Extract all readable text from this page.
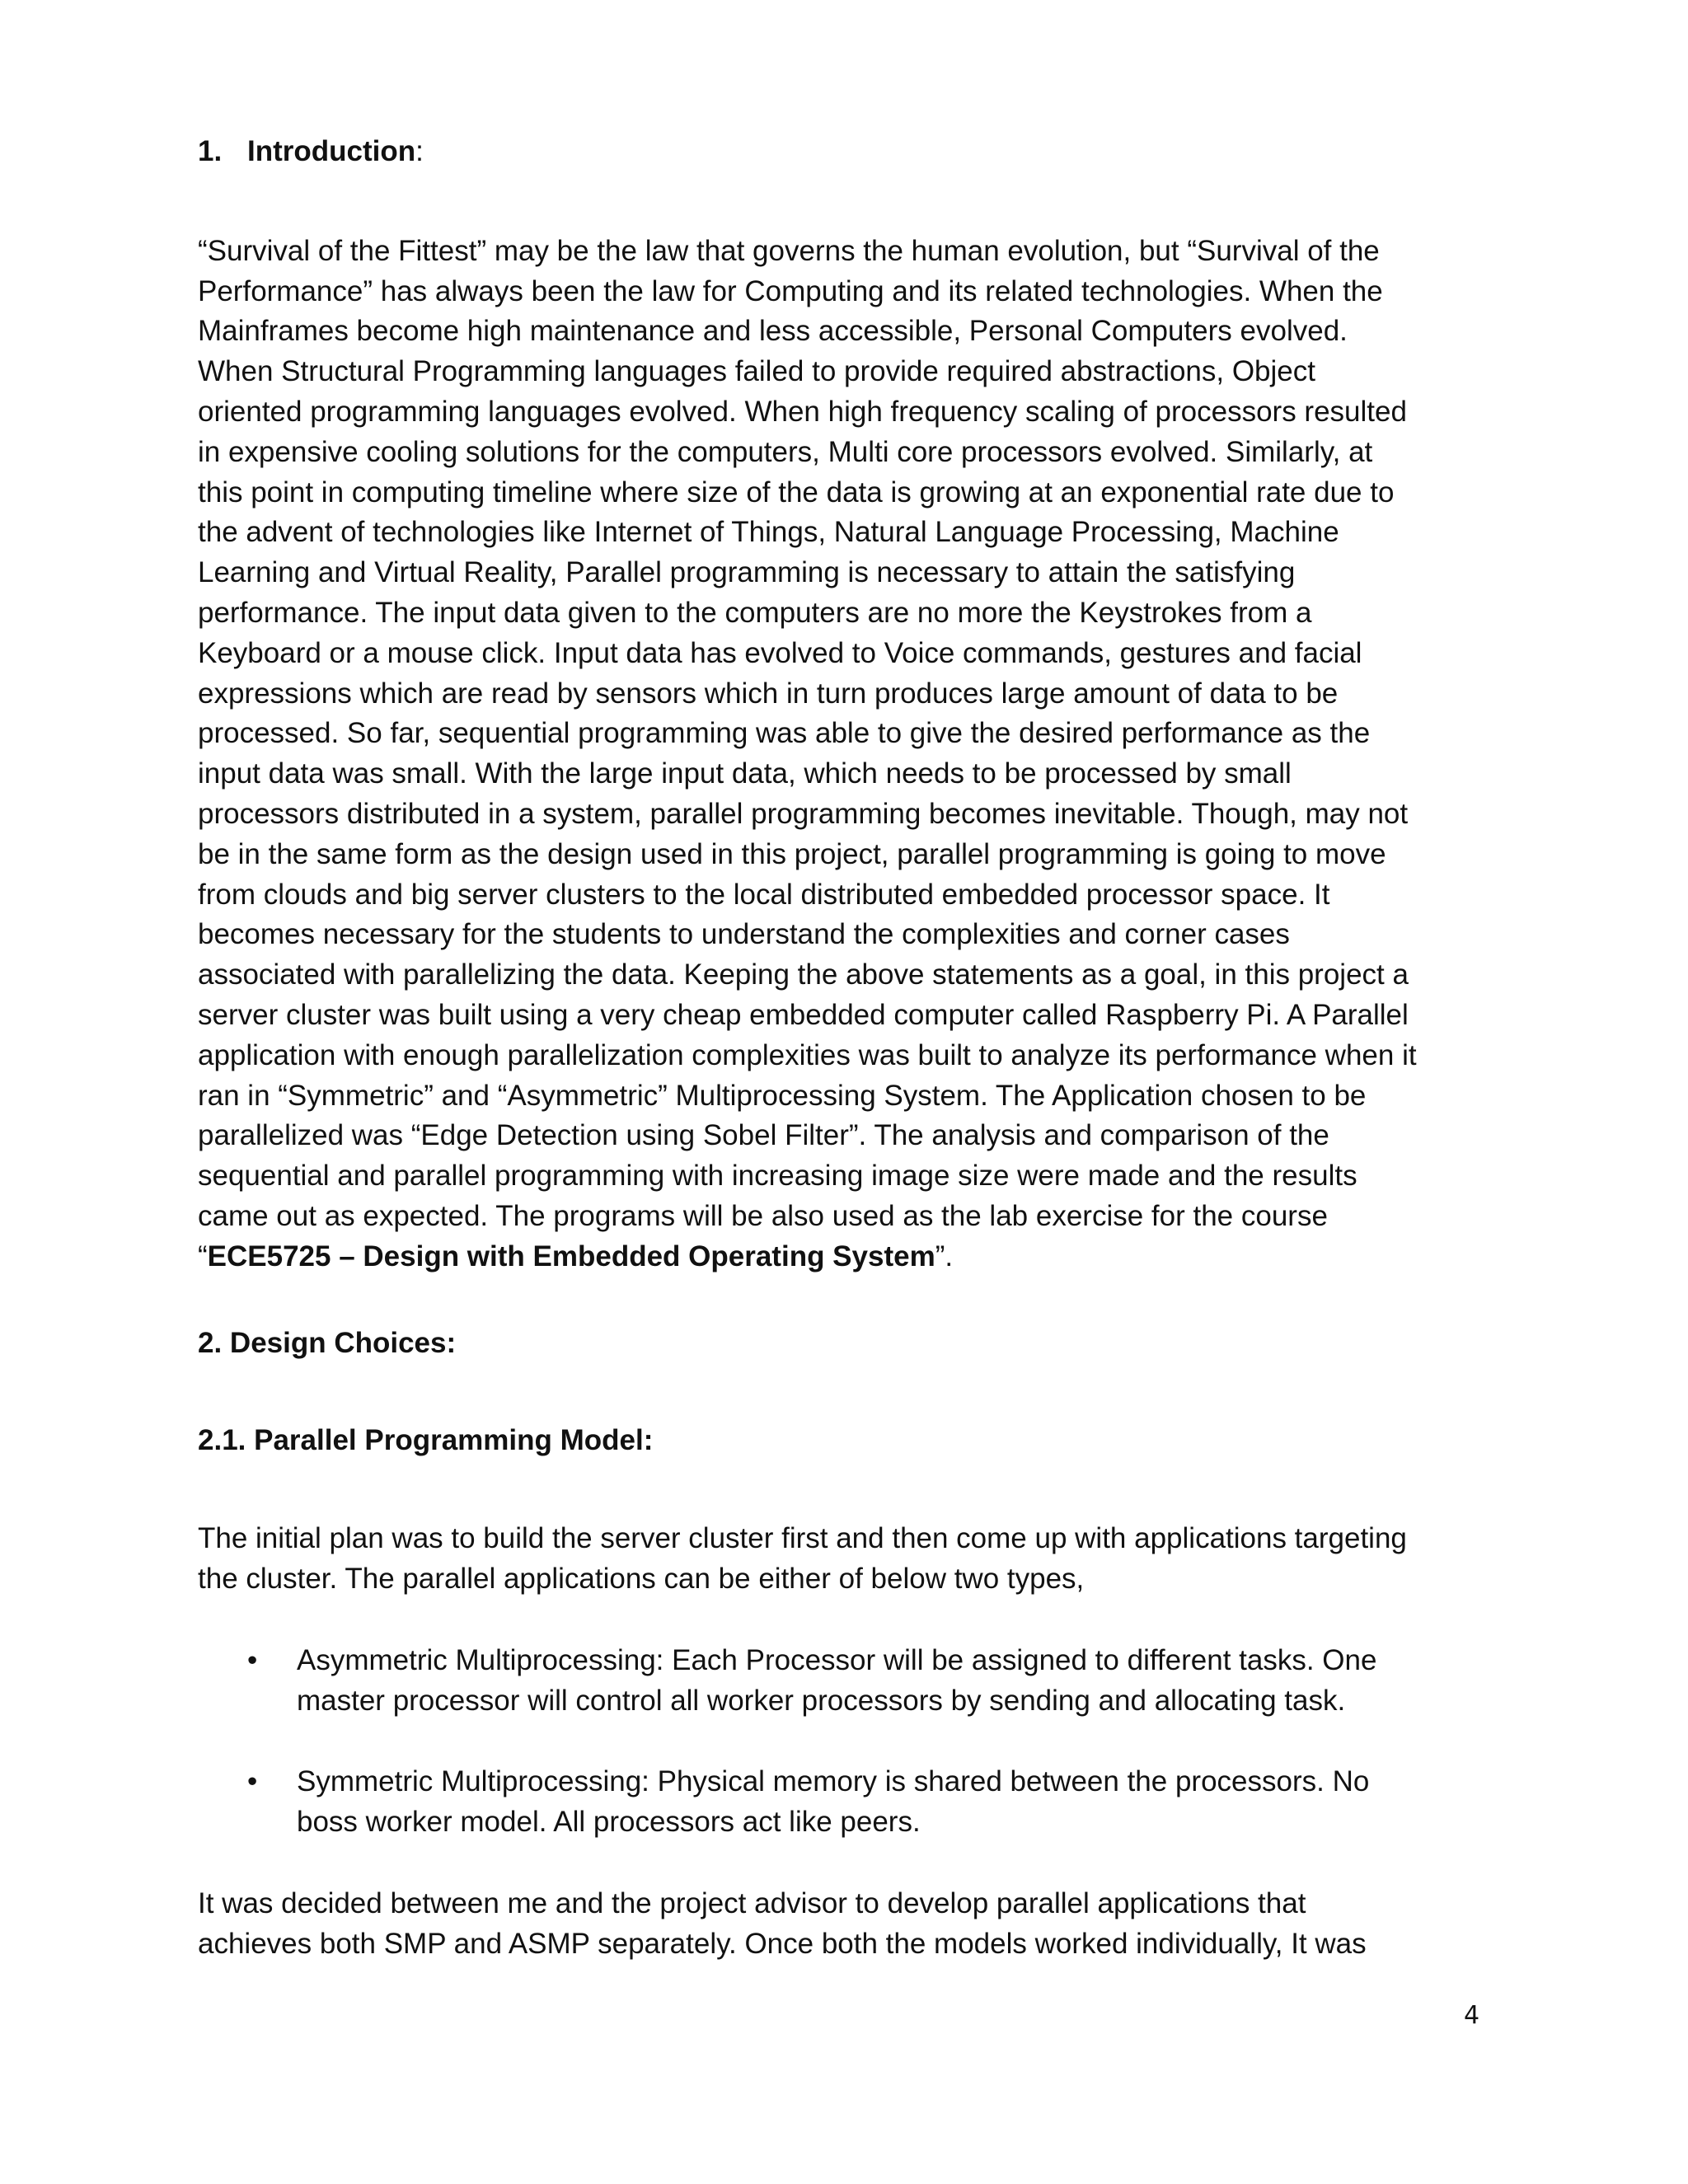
1. Introduction:

“Survival of the Fittest” may be the law that governs the human evolution, but “Survival of the
Performance” has always been the law for Computing and its related technologies. When the
Mainframes become high maintenance and less accessible, Personal Computers evolved.
When Structural Programming languages failed to provide required abstractions, Object
oriented programming languages evolved. When high frequency scaling of processors resulted
in expensive cooling solutions for the computers, Multi core processors evolved. Similarly, at
this point in computing timeline where size of the data is growing at an exponential rate due to
the advent of technologies like Internet of Things, Natural Language Processing, Machine
Learning and Virtual Reality, Parallel programming is necessary to attain the satisfying
performance. The input data given to the computers are no more the Keystrokes from a
Keyboard or a mouse click. Input data has evolved to Voice commands, gestures and facial
expressions which are read by sensors which in turn produces large amount of data to be
processed. So far, sequential programming was able to give the desired performance as the
input data was small. With the large input data, which needs to be processed by small
processors distributed in a system, parallel programming becomes inevitable. Though, may not
be in the same form as the design used in this project, parallel programming is going to move
from clouds and big server clusters to the local distributed embedded processor space. It
becomes necessary for the students to understand the complexities and corner cases
associated with parallelizing the data. Keeping the above statements as a goal, in this project a
server cluster was built using a very cheap embedded computer called Raspberry Pi. A Parallel
application with enough parallelization complexities was built to analyze its performance when it
ran in “Symmetric” and “Asymmetric” Multiprocessing System. The Application chosen to be
parallelized was “Edge Detection using Sobel Filter”. The analysis and comparison of the
sequential and parallel programming with increasing image size were made and the results
came out as expected. The programs will be also used as the lab exercise for the course
“ECE5725 – Design with Embedded Operating System”.

2. Design Choices:

2.1. Parallel Programming Model:

The initial plan was to build the server cluster first and then come up with applications targeting
the cluster. The parallel applications can be either of below two types,

•	Asymmetric Multiprocessing: Each Processor will be assigned to different tasks. One
master processor will control all worker processors by sending and allocating task.
•	Symmetric Multiprocessing: Physical memory is shared between the processors. No
boss worker model. All processors act like peers.

It was decided between me and the project advisor to develop parallel applications that
achieves both SMP and ASMP separately. Once both the models worked individually, It was

4
